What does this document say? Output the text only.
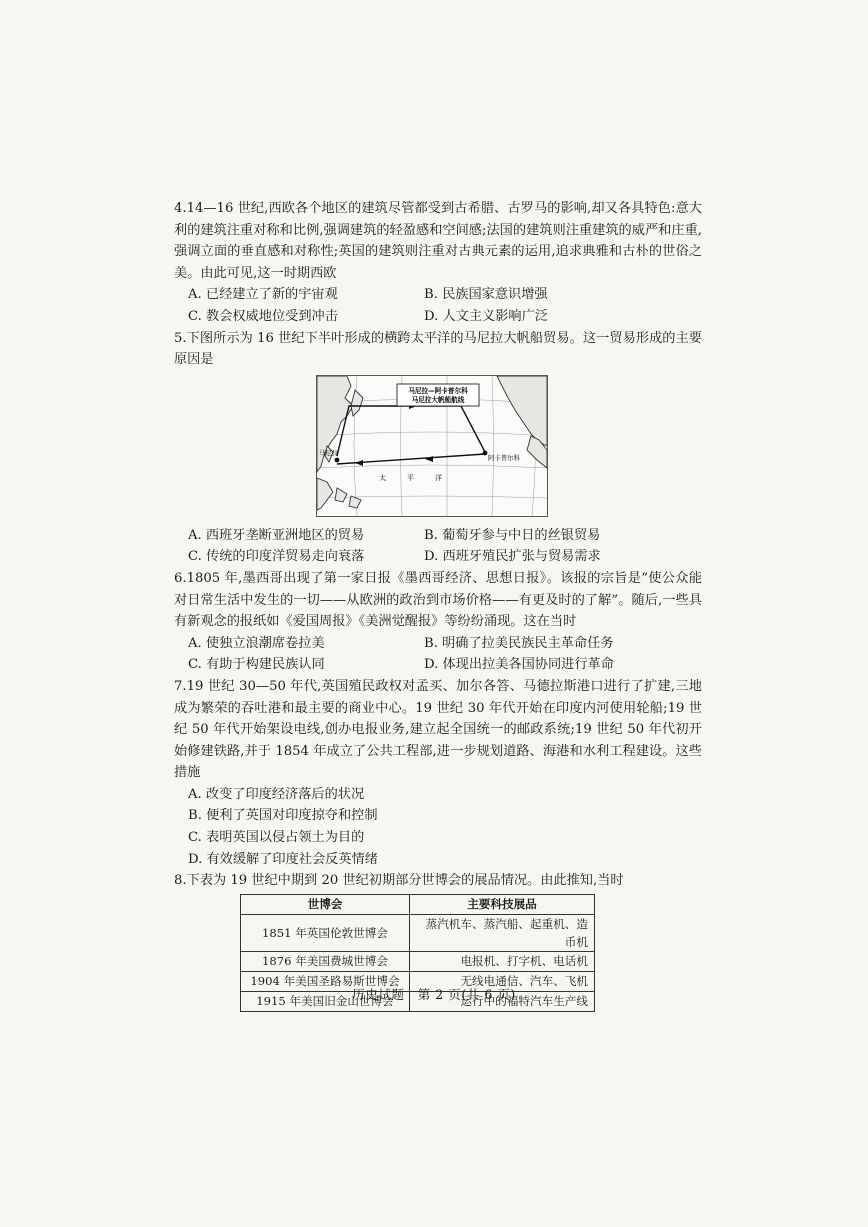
4.14—16 世纪,西欧各个地区的建筑尽管都受到古希腊、古罗马的影响,却又各具特色:意大利的建筑注重对称和比例,强调建筑的轻盈感和空间感;法国的建筑则注重建筑的威严和庄重,强调立面的垂直感和对称性;英国的建筑则注重对古典元素的运用,追求典雅和古朴的世俗之美。由此可见,这一时期西欧

A. 已经建立了新的宇宙观	B. 民族国家意识增强
C. 教会权威地位受到冲击	D. 人文主义影响广泛

5.下图所示为 16 世纪下半叶形成的横跨太平洋的马尼拉大帆船贸易。这一贸易形成的主要原因是

马尼拉—阿卡普尔科
马尼拉大帆船航线
马尼拉
阿卡普尔科
太	平	洋
A. 西班牙垄断亚洲地区的贸易	B. 葡萄牙参与中日的丝银贸易
C. 传统的印度洋贸易走向衰落	D. 西班牙殖民扩张与贸易需求

6.1805 年,墨西哥出现了第一家日报《墨西哥经济、思想日报》。该报的宗旨是“使公众能对日常生活中发生的一切——从欧洲的政治到市场价格——有更及时的了解”。随后,一些具有新观念的报纸如《爱国周报》《美洲觉醒报》等纷纷涌现。这在当时

A. 使独立浪潮席卷拉美	B. 明确了拉美民族民主革命任务
C. 有助于构建民族认同	D. 体现出拉美各国协同进行革命

7.19 世纪 30—50 年代,英国殖民政权对孟买、加尔各答、马德拉斯港口进行了扩建,三地成为繁荣的吞吐港和最主要的商业中心。19 世纪 30 年代开始在印度内河使用轮船;19 世纪 50 年代开始架设电线,创办电报业务,建立起全国统一的邮政系统;19 世纪 50 年代初开始修建铁路,并于 1854 年成立了公共工程部,进一步规划道路、海港和水利工程建设。这些措施

A. 改变了印度经济落后的状况
B. 便利了英国对印度掠夺和控制
C. 表明英国以侵占领土为目的
D. 有效缓解了印度社会反英情绪

8.下表为 19 世纪中期到 20 世纪初期部分世博会的展品情况。由此推知,当时

世博会	主要科技展品
1851 年英国伦敦世博会	蒸汽机车、蒸汽船、起重机、造币机
1876 年美国费城世博会	电报机、打字机、电话机
1904 年美国圣路易斯世博会	无线电通信、汽车、飞机
1915 年美国旧金山世博会	运行中的福特汽车生产线
历史试题　第 2 页(共 6 页)
